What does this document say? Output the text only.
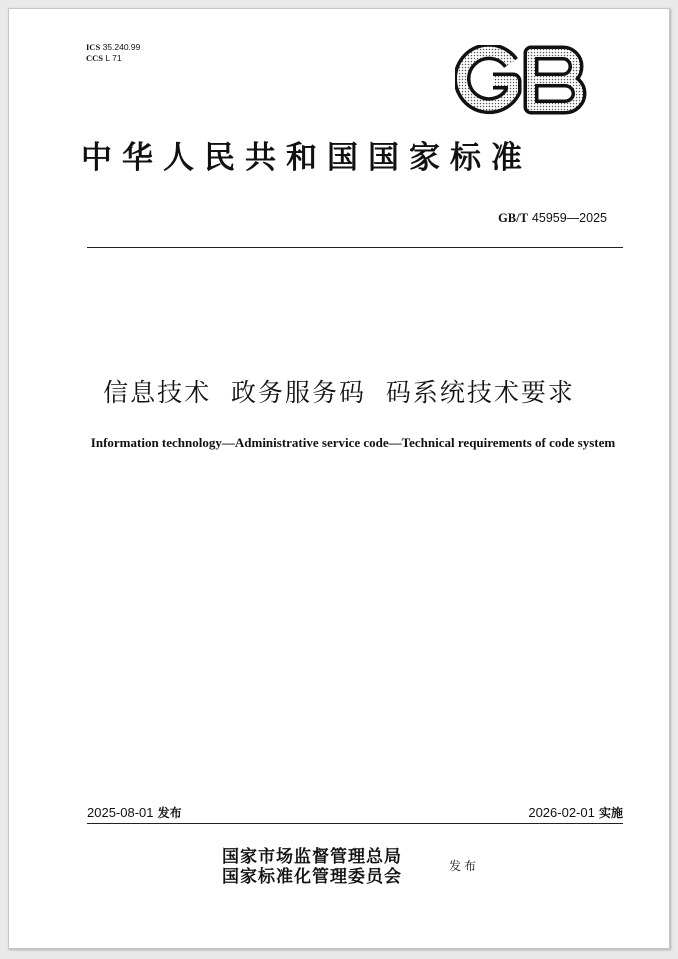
ICS 35.240.99
CCS L 71
GB
中华人民共和国国家标准
GB/T 45959—2025
信息技术  政务服务码  码系统技术要求
Information technology—Administrative service code—Technical requirements of code system
2025-08-01 发布	2026-02-01 实施
国家市场监督管理总局
国家标准化管理委员会
发布
